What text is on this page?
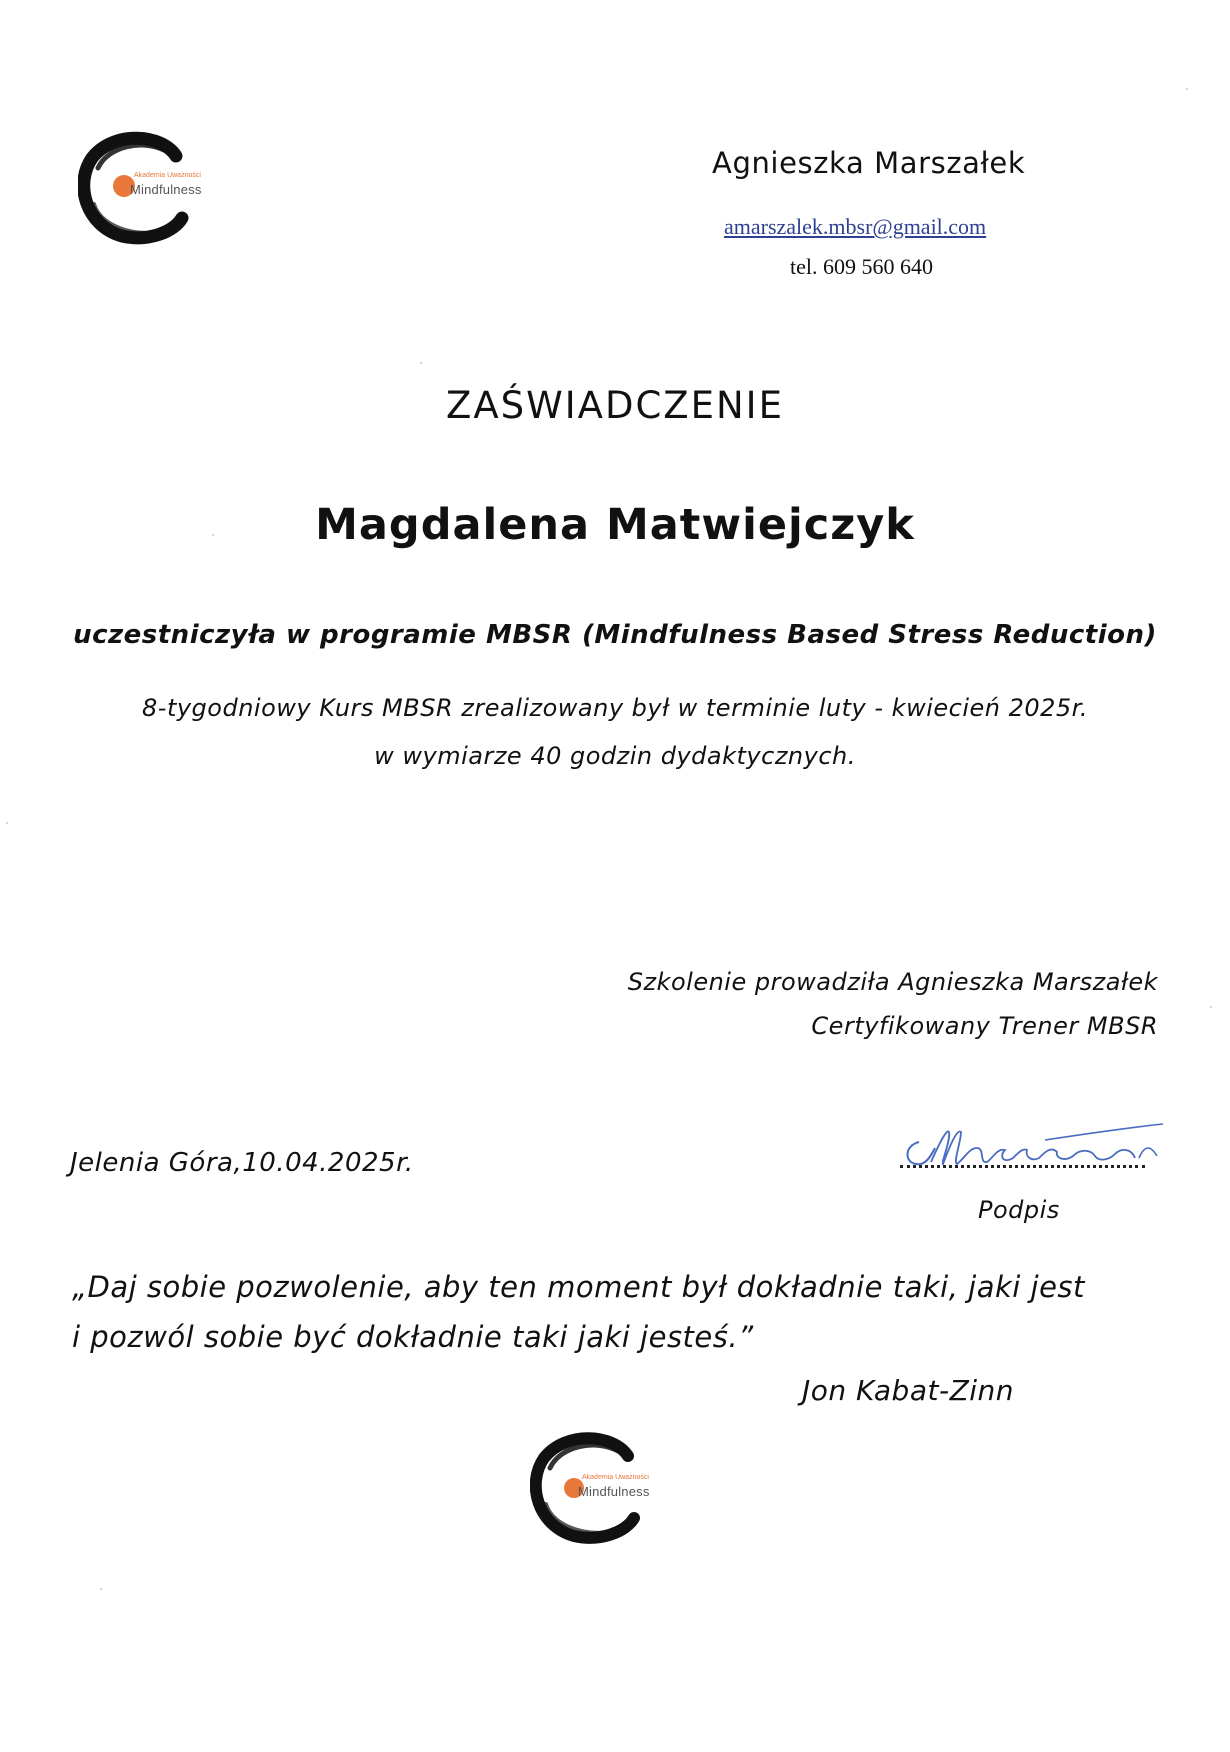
Akademia Uważności
Mindfulness
Agnieszka Marszałek
amarszalek.mbsr@gmail.com
tel. 609 560 640
ZAŚWIADCZENIE
Magdalena Matwiejczyk
uczestniczyła w programie MBSR (Mindfulness Based Stress Reduction)
8-tygodniowy Kurs MBSR zrealizowany był w terminie luty - kwiecień 2025r.
w wymiarze 40 godzin dydaktycznych.
Szkolenie prowadziła Agnieszka Marszałek
Certyfikowany Trener MBSR
Jelenia Góra,10.04.2025r.
Podpis
„Daj sobie pozwolenie, aby ten moment był dokładnie taki, jaki jest
i pozwól sobie być dokładnie taki jaki jesteś.”
Jon Kabat-Zinn
Akademia Uważności
Mindfulness
